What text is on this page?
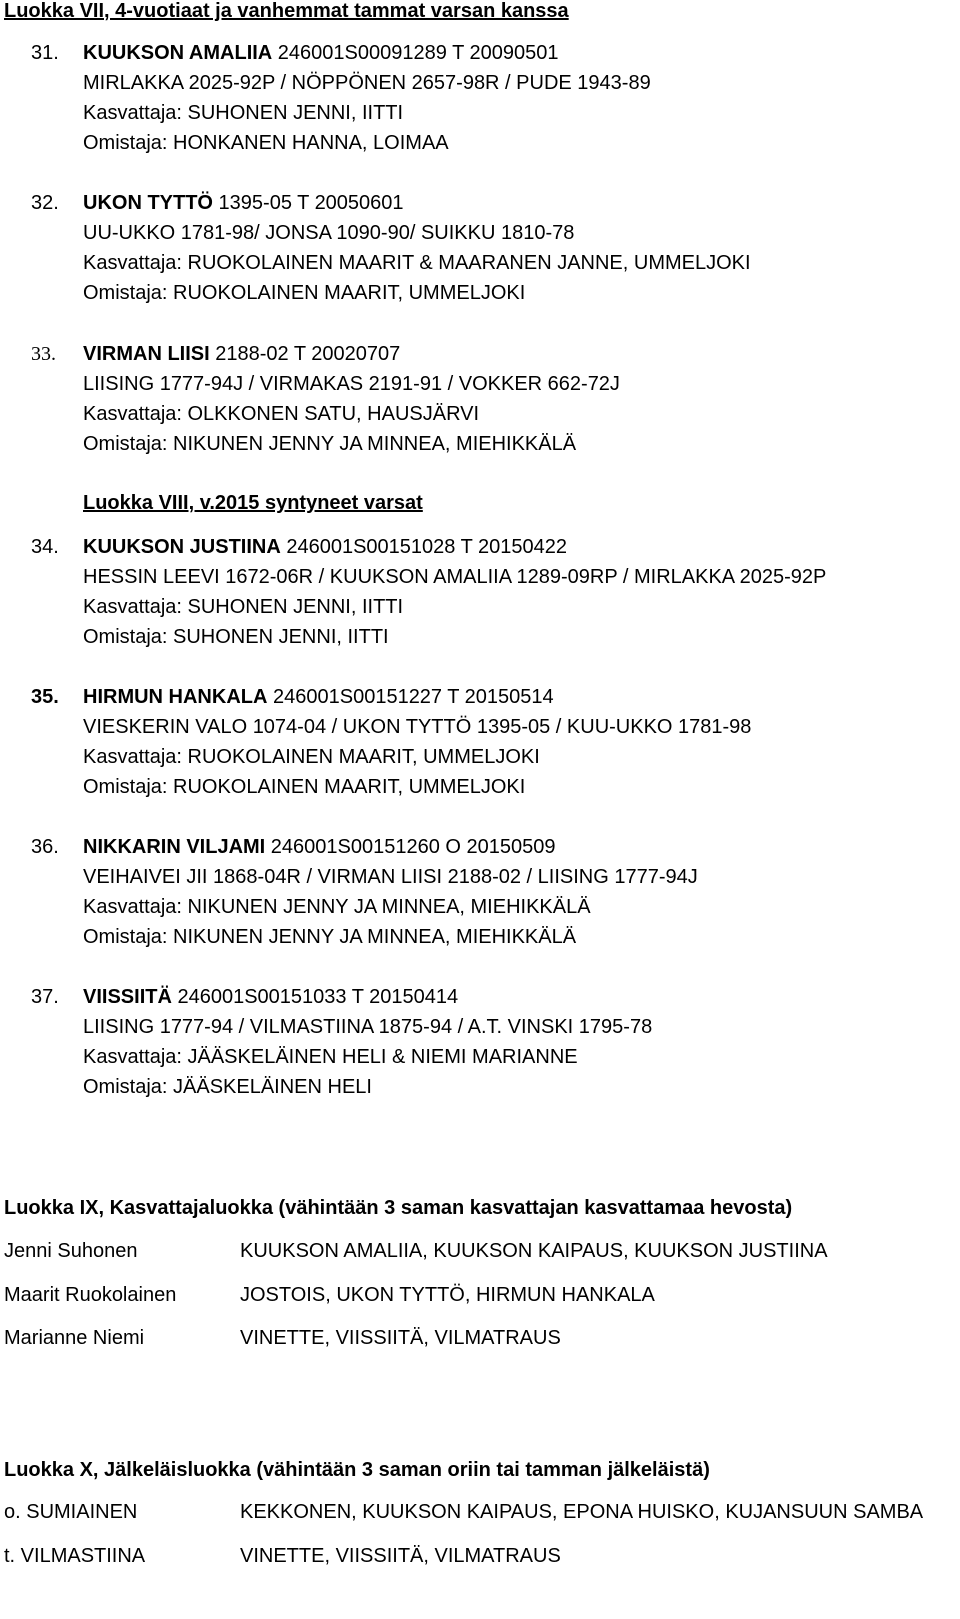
Luokka VII, 4-vuotiaat ja vanhemmat tammat varsan kanssa
31. KUUKSON AMALIIA 246001S00091289 T 20090501
MIRLAKKA 2025-92P / NÖPPÖNEN 2657-98R / PUDE 1943-89
Kasvattaja: SUHONEN JENNI, IITTI
Omistaja: HONKANEN HANNA, LOIMAA
32. UKON TYTTÖ 1395-05 T 20050601
UU-UKKO 1781-98/ JONSA 1090-90/ SUIKKU 1810-78
Kasvattaja: RUOKOLAINEN MAARIT & MAARANEN JANNE, UMMELJOKI
Omistaja: RUOKOLAINEN MAARIT, UMMELJOKI
33. VIRMAN LIISI 2188-02 T 20020707
LIISING 1777-94J / VIRMAKAS 2191-91 / VOKKER 662-72J
Kasvattaja: OLKKONEN SATU, HAUSJÄRVI
Omistaja: NIKUNEN JENNY JA MINNEA, MIEHIKKÄLÄ
Luokka VIII, v.2015 syntyneet varsat
34. KUUKSON JUSTIINA 246001S00151028 T 20150422
HESSIN LEEVI 1672-06R / KUUKSON AMALIIA 1289-09RP / MIRLAKKA 2025-92P
Kasvattaja: SUHONEN JENNI, IITTI
Omistaja: SUHONEN JENNI, IITTI
35. HIRMUN HANKALA 246001S00151227 T 20150514
VIESKERIN VALO 1074-04 / UKON TYTTÖ 1395-05 / KUU-UKKO 1781-98
Kasvattaja: RUOKOLAINEN MAARIT, UMMELJOKI
Omistaja: RUOKOLAINEN MAARIT, UMMELJOKI
36. NIKKARIN VILJAMI 246001S00151260 O 20150509
VEIHAIVEI JII 1868-04R / VIRMAN LIISI 2188-02 / LIISING 1777-94J
Kasvattaja: NIKUNEN JENNY JA MINNEA, MIEHIKKÄLÄ
Omistaja: NIKUNEN JENNY JA MINNEA, MIEHIKKÄLÄ
37. VIISSIITÄ 246001S00151033 T 20150414
LIISING 1777-94 / VILMASTIINA 1875-94 / A.T. VINSKI 1795-78
Kasvattaja: JÄÄSKELÄINEN HELI & NIEMI MARIANNE
Omistaja: JÄÄSKELÄINEN HELI
Luokka IX, Kasvattajaluokka (vähintään 3 saman kasvattajan kasvattamaa hevosta)
Jenni Suhonen	KUUKSON AMALIIA, KUUKSON KAIPAUS, KUUKSON JUSTIINA
Maarit Ruokolainen	JOSTOIS, UKON TYTTÖ, HIRMUN HANKALA
Marianne Niemi	VINETTE, VIISSIITÄ, VILMATRAUS
Luokka X, Jälkeläisluokka (vähintään 3 saman oriin tai tamman jälkeläistä)
o. SUMIAINEN	KEKKONEN, KUUKSON KAIPAUS, EPONA HUISKO, KUJANSUUN SAMBA
t. VILMASTIINA	VINETTE, VIISSIITÄ, VILMATRAUS
